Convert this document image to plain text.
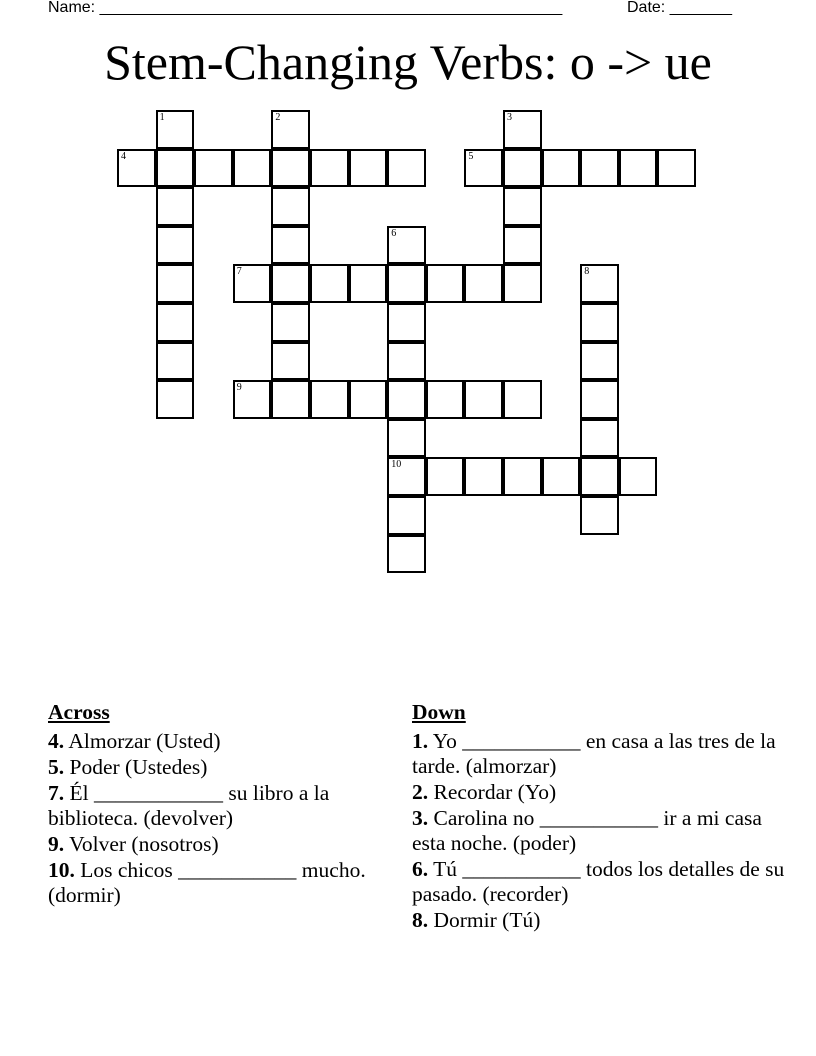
Name: ____________________________________________________	Date: _______
Stem-Changing Verbs: o -> ue
1	2	3
4	5
6
10
7	8
9
Across
4. Almorzar (Usted)
5. Poder (Ustedes)
7. Él ____________ su libro a la biblioteca. (devolver)
9. Volver (nosotros)
10. Los chicos ___________ mucho. (dormir)
Down
1. Yo ___________ en casa a las tres de la tarde. (almorzar)
2. Recordar (Yo)
3. Carolina no ___________ ir a mi casa esta noche. (poder)
6. Tú ___________ todos los detalles de su pasado. (recorder)
8. Dormir (Tú)
